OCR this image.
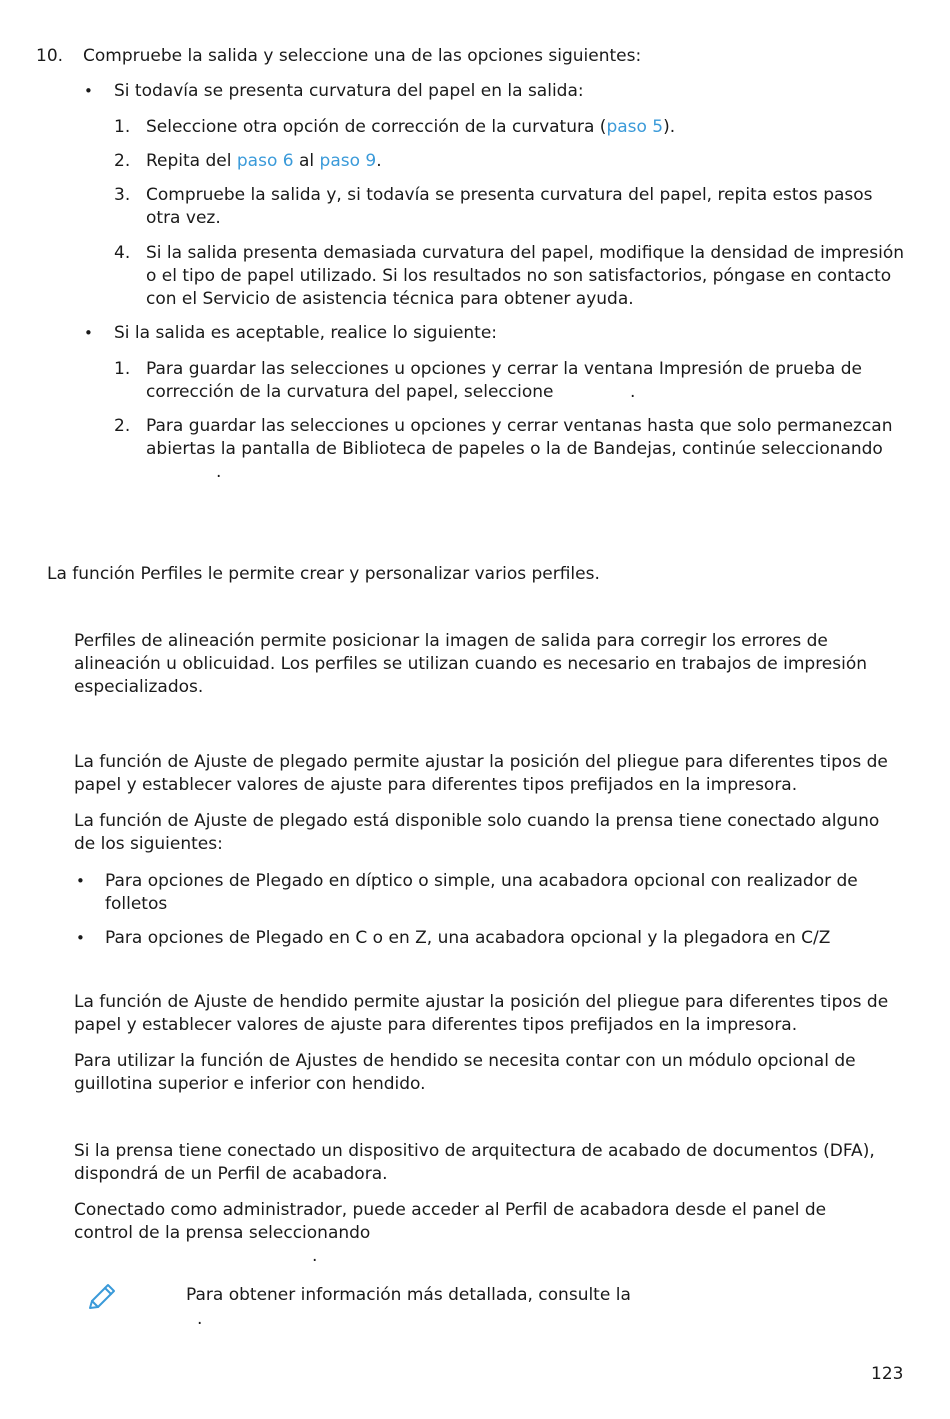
10. Compruebe la salida y seleccione una de las opciones siguientes:
• Si todavía se presenta curvatura del papel en la salida:
1. Seleccione otra opción de corrección de la curvatura (paso 5).
2. Repita del paso 6 al paso 9.
3. Compruebe la salida y, si todavía se presenta curvatura del papel, repita estos pasos otra vez.
4. Si la salida presenta demasiada curvatura del papel, modifique la densidad de impresión o el tipo de papel utilizado. Si los resultados no son satisfactorios, póngase en contacto con el Servicio de asistencia técnica para obtener ayuda.
• Si la salida es aceptable, realice lo siguiente:
1. Para guardar las selecciones u opciones y cerrar la ventana Impresión de prueba de
corrección de la curvatura del papel, seleccione	.
2. Para guardar las selecciones u opciones y cerrar ventanas hasta que solo permanezcan
abiertas la pantalla de Biblioteca de papeles o la de Bandejas, continúe seleccionando
.
La función Perfiles le permite crear y personalizar varios perfiles.
Perfiles de alineación permite posicionar la imagen de salida para corregir los errores de alineación u oblicuidad. Los perfiles se utilizan cuando es necesario en trabajos de impresión especializados.
La función de Ajuste de plegado permite ajustar la posición del pliegue para diferentes tipos de papel y establecer valores de ajuste para diferentes tipos prefijados en la impresora.
La función de Ajuste de plegado está disponible solo cuando la prensa tiene conectado alguno de los siguientes:
• Para opciones de Plegado en díptico o simple, una acabadora opcional con realizador de folletos
• Para opciones de Plegado en C o en Z, una acabadora opcional y la plegadora en C/Z
La función de Ajuste de hendido permite ajustar la posición del pliegue para diferentes tipos de papel y establecer valores de ajuste para diferentes tipos prefijados en la impresora.
Para utilizar la función de Ajustes de hendido se necesita contar con un módulo opcional de guillotina superior e inferior con hendido.
Si la prensa tiene conectado un dispositivo de arquitectura de acabado de documentos (DFA), dispondrá de un Perfil de acabadora.
Conectado como administrador, puede acceder al Perfil de acabadora desde el panel de
control de la prensa seleccionando
.
Para obtener información más detallada, consulte la
.
123
